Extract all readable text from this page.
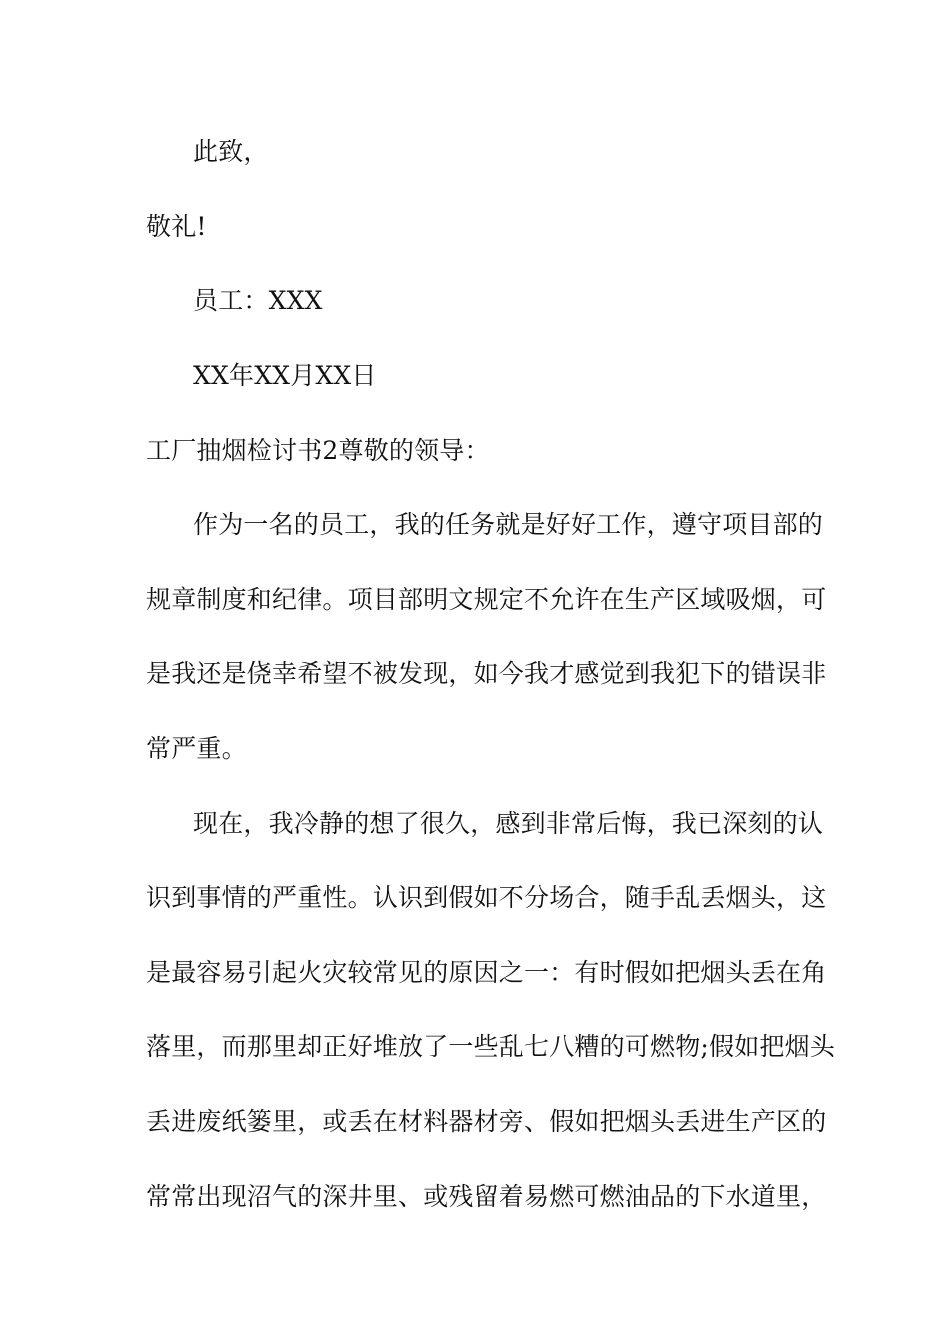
此致，
敬礼!
员工：XXX
XX年XX月XX日
工厂抽烟检讨书2尊敬的领导：
作为一名的员工，我的任务就是好好工作，遵守项目部的
规章制度和纪律。项目部明文规定不允许在生产区域吸烟，可
是我还是侥幸希望不被发现，如今我才感觉到我犯下的错误非
常严重。
现在，我冷静的想了很久，感到非常后悔，我已深刻的认
识到事情的严重性。认识到假如不分场合，随手乱丢烟头，这
是最容易引起火灾较常见的原因之一：有时假如把烟头丢在角
落里，而那里却正好堆放了一些乱七八糟的可燃物;假如把烟头
丢进废纸篓里，或丢在材料器材旁、假如把烟头丢进生产区的
常常出现沼气的深井里、或残留着易燃可燃油品的下水道里，
